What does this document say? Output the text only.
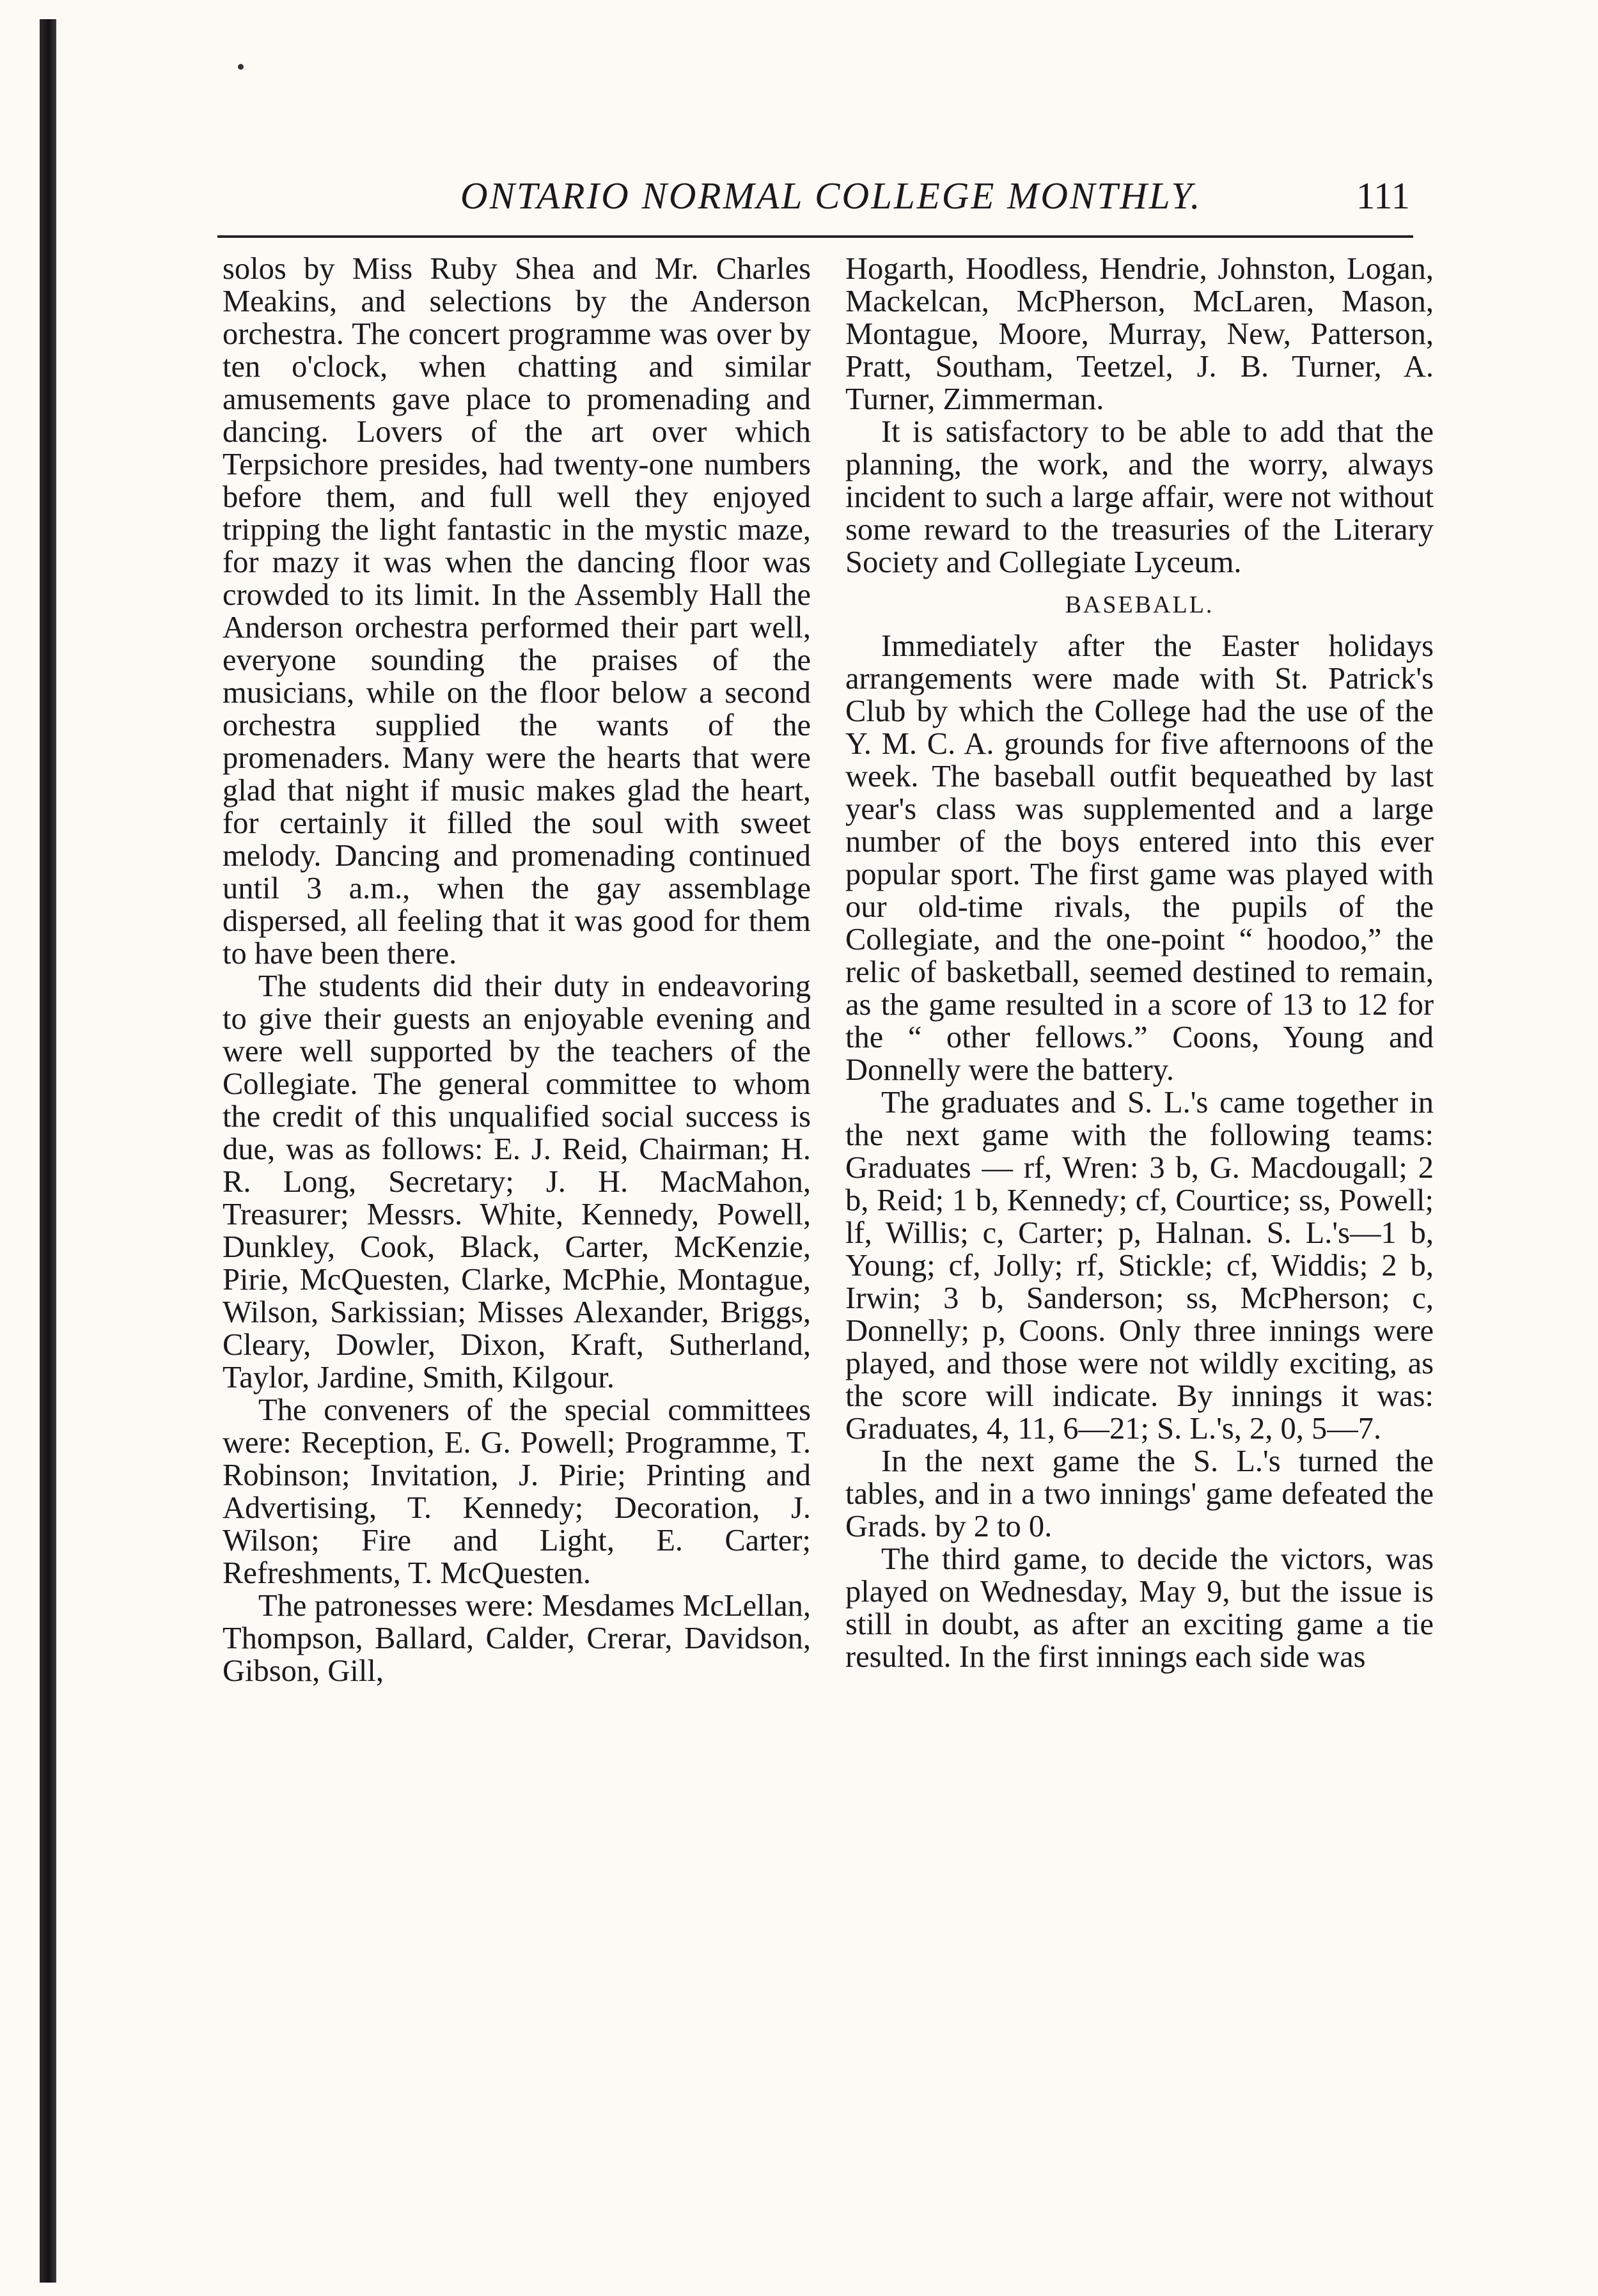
ONTARIO NORMAL COLLEGE MONTHLY.	111

solos by Miss Ruby Shea and Mr. Charles Meakins, and selections by the Anderson orchestra. The concert programme was over by ten o'clock, when chatting and similar amusements gave place to promenading and dancing. Lovers of the art over which Terpsichore presides, had twenty-one numbers before them, and full well they enjoyed tripping the light fantastic in the mystic maze, for mazy it was when the dancing floor was crowded to its limit. In the Assembly Hall the Anderson orchestra performed their part well, everyone sounding the praises of the musicians, while on the floor below a second orchestra supplied the wants of the promenaders. Many were the hearts that were glad that night if music makes glad the heart, for certainly it filled the soul with sweet melody. Dancing and promenading continued until 3 a.m., when the gay assemblage dispersed, all feeling that it was good for them to have been there.

The students did their duty in endeavoring to give their guests an enjoyable evening and were well supported by the teachers of the Collegiate. The general committee to whom the credit of this unqualified social success is due, was as follows: E. J. Reid, Chairman; H. R. Long, Secretary; J. H. MacMahon, Treasurer; Messrs. White, Kennedy, Powell, Dunkley, Cook, Black, Carter, McKenzie, Pirie, McQuesten, Clarke, McPhie, Montague, Wilson, Sarkissian; Misses Alexander, Briggs, Cleary, Dowler, Dixon, Kraft, Sutherland, Taylor, Jardine, Smith, Kilgour.

The conveners of the special committees were: Reception, E. G. Powell; Programme, T. Robinson; Invitation, J. Pirie; Printing and Advertising, T. Kennedy; Decoration, J. Wilson; Fire and Light, E. Carter; Refreshments, T. McQuesten.

The patronesses were: Mesdames McLellan, Thompson, Ballard, Calder, Crerar, Davidson, Gibson, Gill,

Hogarth, Hoodless, Hendrie, Johnston, Logan, Mackelcan, McPherson, McLaren, Mason, Montague, Moore, Murray, New, Patterson, Pratt, Southam, Teetzel, J. B. Turner, A. Turner, Zimmerman.

It is satisfactory to be able to add that the planning, the work, and the worry, always incident to such a large affair, were not without some reward to the treasuries of the Literary Society and Collegiate Lyceum.

BASEBALL.

Immediately after the Easter holidays arrangements were made with St. Patrick's Club by which the College had the use of the Y. M. C. A. grounds for five afternoons of the week. The baseball outfit bequeathed by last year's class was supplemented and a large number of the boys entered into this ever popular sport. The first game was played with our old-time rivals, the pupils of the Collegiate, and the one-point “ hoodoo,” the relic of basketball, seemed destined to remain, as the game resulted in a score of 13 to 12 for the “ other fellows.” Coons, Young and Donnelly were the battery.

The graduates and S. L.'s came together in the next game with the following teams: Graduates — rf, Wren: 3 b, G. Macdougall; 2 b, Reid; 1 b, Kennedy; cf, Courtice; ss, Powell; lf, Willis; c, Carter; p, Halnan. S. L.'s—1 b, Young; cf, Jolly; rf, Stickle; cf, Widdis; 2 b, Irwin; 3 b, Sanderson; ss, McPherson; c, Donnelly; p, Coons. Only three innings were played, and those were not wildly exciting, as the score will indicate. By innings it was: Graduates, 4, 11, 6—21; S. L.'s, 2, 0, 5—7.

In the next game the S. L.'s turned the tables, and in a two innings' game defeated the Grads. by 2 to 0.

The third game, to decide the victors, was played on Wednesday, May 9, but the issue is still in doubt, as after an exciting game a tie resulted. In the first innings each side was
